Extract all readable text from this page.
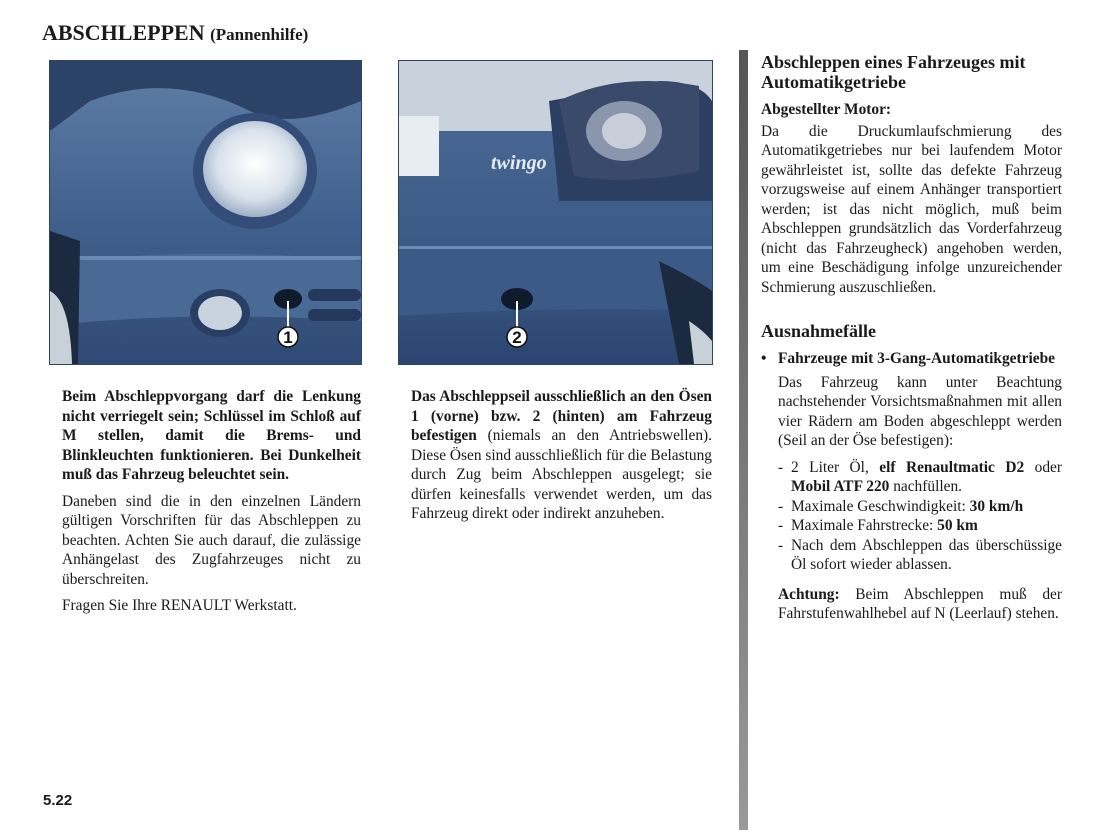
ABSCHLEPPEN (Pannenhilfe)
1
twingo
2

Beim Abschleppvorgang darf die Lenkung nicht verriegelt sein; Schlüssel im Schloß auf M stellen, damit die Brems- und Blinkleuchten funktionieren. Bei Dunkelheit muß das Fahrzeug beleuchtet sein.

Daneben sind die in den einzelnen Ländern gültigen Vorschriften für das Abschleppen zu beachten. Achten Sie auch darauf, die zulässige Anhängelast des Zugfahrzeuges nicht zu überschreiten.

Fragen Sie Ihre RENAULT Werkstatt.

Das Abschleppseil ausschließlich an den Ösen 1 (vorne) bzw. 2 (hinten) am Fahrzeug befestigen (niemals an den Antriebswellen). Diese Ösen sind ausschließlich für die Belastung durch Zug beim Abschleppen ausgelegt; sie dürfen keinesfalls verwendet werden, um das Fahrzeug direkt oder indirekt anzuheben.

Abschleppen eines Fahrzeuges mit Automatikgetriebe
Abgestellter Motor:

Da die Druckumlaufschmierung des Automatikgetriebes nur bei laufendem Motor gewährleistet ist, sollte das defekte Fahrzeug vorzugsweise auf einem Anhänger transportiert werden; ist das nicht möglich, muß beim Abschleppen grundsätzlich das Vorderfahrzeug (nicht das Fahrzeugheck) angehoben werden, um eine Beschädigung infolge unzureichender Schmierung auszuschließen.

Ausnahmefälle
• Fahrzeuge mit 3-Gang-Automatikgetriebe

Das Fahrzeug kann unter Beachtung nachstehender Vorsichtsmaßnahmen mit allen vier Rädern am Boden abgeschleppt werden (Seil an der Öse befestigen):

- 2 Liter Öl, elf Renaultmatic D2 oder Mobil ATF 220 nachfüllen.
- Maximale Geschwindigkeit: 30 km/h
- Maximale Fahrstrecke: 50 km
- Nach dem Abschleppen das überschüssige Öl sofort wieder ablassen.

Achtung: Beim Abschleppen muß der Fahrstufenwahlhebel auf N (Leerlauf) stehen.

5.22
